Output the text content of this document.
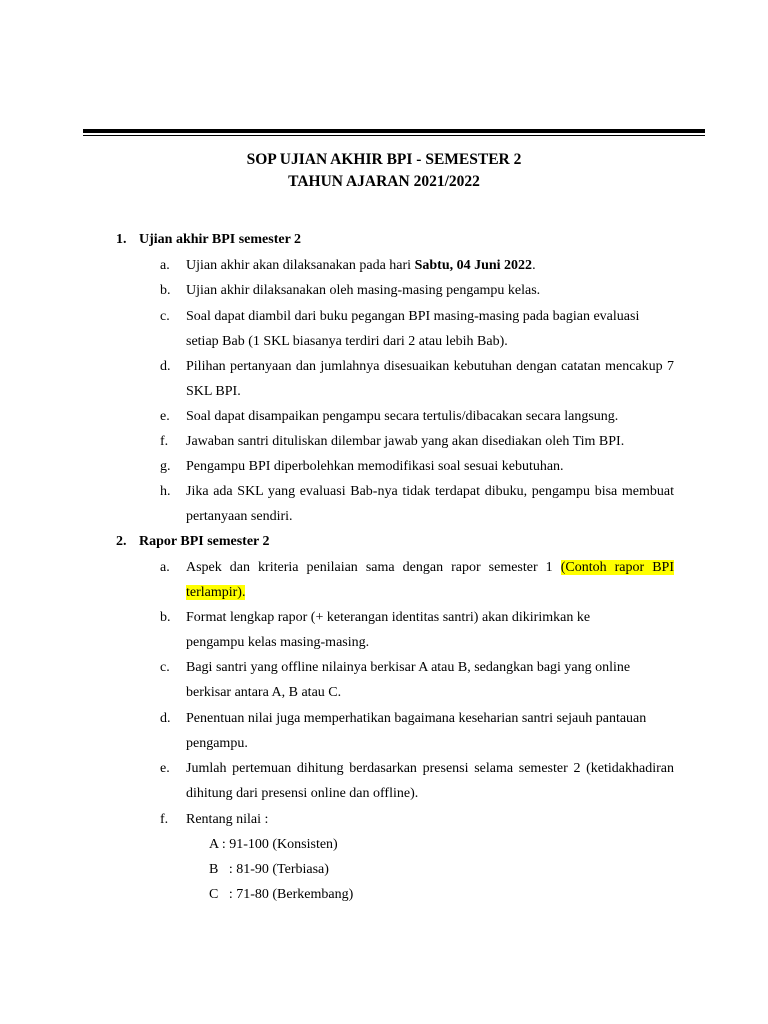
SOP UJIAN AKHIR BPI - SEMESTER 2
TAHUN AJARAN 2021/2022
1. Ujian akhir BPI semester 2
a.	Ujian akhir akan dilaksanakan pada hari Sabtu, 04 Juni 2022.
b.	Ujian akhir dilaksanakan oleh masing-masing pengampu kelas.
c.	Soal dapat diambil dari buku pegangan BPI masing-masing pada bagian evaluasi setiap Bab (1 SKL biasanya terdiri dari 2 atau lebih Bab).
d.	Pilihan pertanyaan dan jumlahnya disesuaikan kebutuhan dengan catatan mencakup 7 SKL BPI.
e.	Soal dapat disampaikan pengampu secara tertulis/dibacakan secara langsung.
f.	Jawaban santri dituliskan dilembar jawab yang akan disediakan oleh Tim BPI.
g.	Pengampu BPI diperbolehkan memodifikasi soal sesuai kebutuhan.
h.	Jika ada SKL yang evaluasi Bab-nya tidak terdapat dibuku, pengampu bisa membuat pertanyaan sendiri.
2. Rapor BPI semester 2
a.	Aspek dan kriteria penilaian sama dengan rapor semester 1 (Contoh rapor BPI terlampir).
b.	Format lengkap rapor (+ keterangan identitas santri) akan dikirimkan ke pengampu kelas masing-masing.
c.	Bagi santri yang offline nilainya berkisar A atau B, sedangkan bagi yang online berkisar antara A, B atau C.
d.	Penentuan nilai juga memperhatikan bagaimana keseharian santri sejauh pantauan pengampu.
e.	Jumlah pertemuan dihitung berdasarkan presensi selama semester 2 (ketidakhadiran dihitung dari presensi online dan offline).
f.	Rentang nilai :
A : 91-100 (Konsisten)
B   : 81-90 (Terbiasa)
C   : 71-80 (Berkembang)
